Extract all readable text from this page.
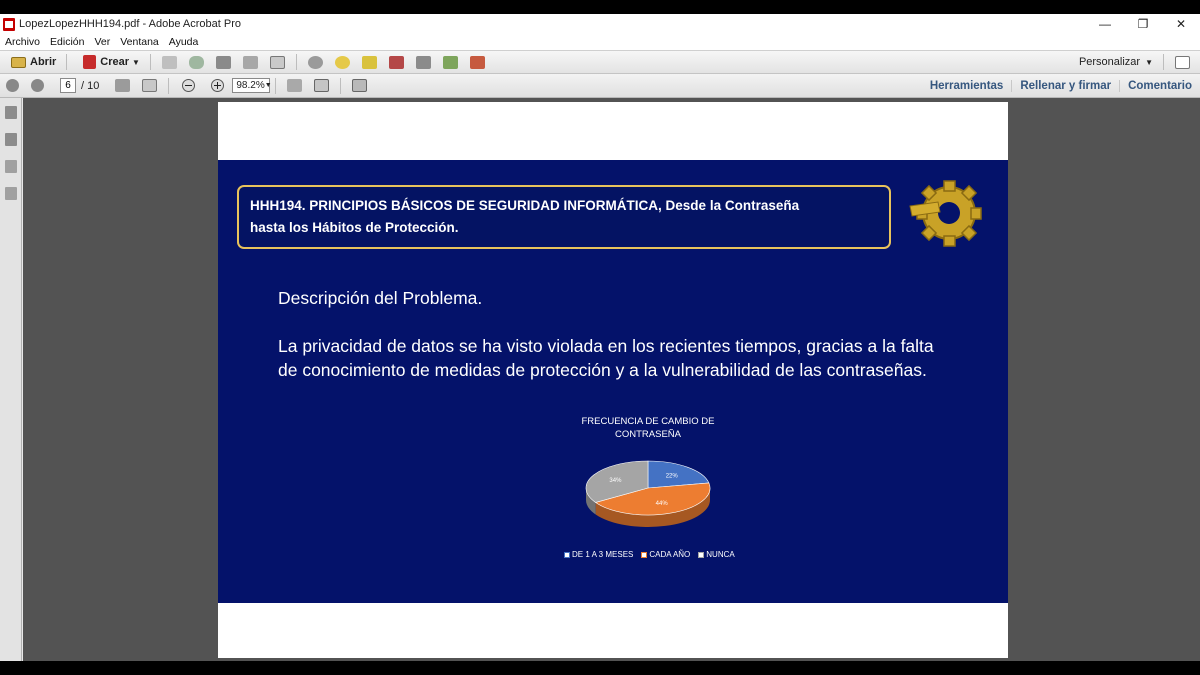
LopezLopezHHH194.pdf - Adobe Acrobat Pro	—	❐	✕
Archivo Edición Ver Ventana Ayuda
Abrir	Crear ▼	Personalizar ▼
6
/ 10	98.2% ▼	Herramientas	Rellenar y firmar	Comentario
HHH194. PRINCIPIOS BÁSICOS DE SEGURIDAD INFORMÁTICA, Desde la Contraseña
hasta los Hábitos de Protección.
Descripción del Problema.
La privacidad de datos se ha visto violada en los recientes tiempos, gracias a la falta de conocimiento de medidas de protección y a la vulnerabilidad de las contraseñas.
FRECUENCIA DE CAMBIO DE CONTRASEÑA
22%
44%
34%
DE 1 A 3 MESES CADA AÑO NUNCA
